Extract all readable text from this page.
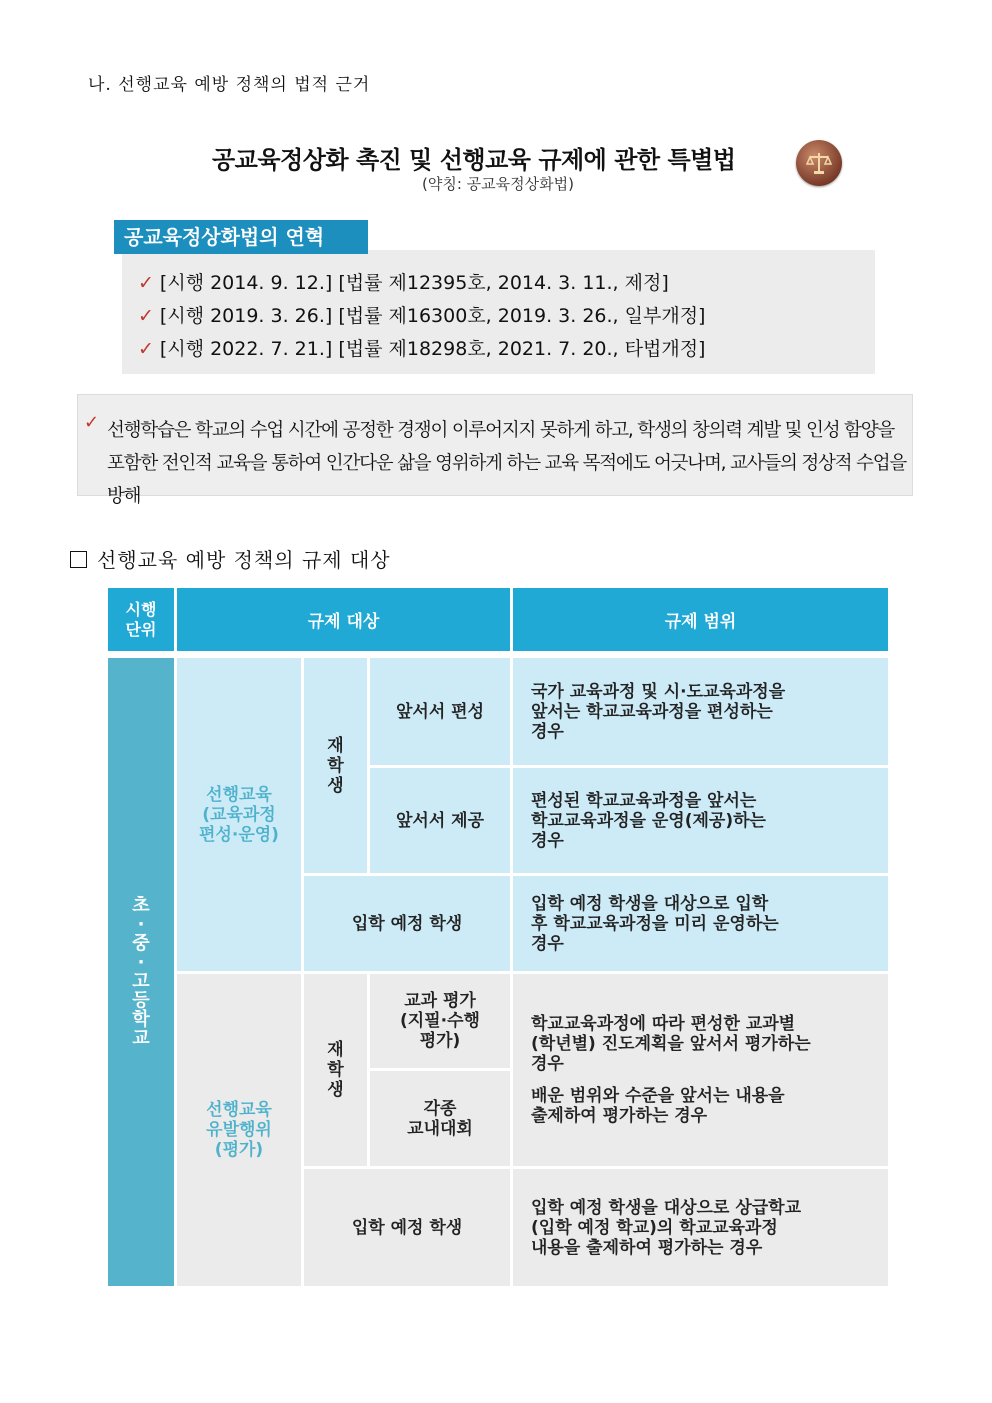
나. 선행교육 예방 정책의 법적 근거
공교육정상화 촉진 및 선행교육 규제에 관한 특별법
(약칭: 공교육정상화법)
공교육정상화법의 연혁
✓ [시행 2014. 9. 12.] [법률 제12395호, 2014. 3. 11., 제정]
✓ [시행 2019. 3. 26.] [법률 제16300호, 2019. 3. 26., 일부개정]
✓ [시행 2022. 7. 21.] [법률 제18298호, 2021. 7. 20., 타법개정]
✓ 선행학습은 학교의 수업 시간에 공정한 경쟁이 이루어지지 못하게 하고, 학생의 창의력 계발 및 인성 함양을 포함한 전인적 교육을 통하여 인간다운 삶을 영위하게 하는 교육 목적에도 어긋나며, 교사들의 정상적 수업을 방해
선행교육 예방 정책의 규제 대상
시행
단위	규제 대상	규제 범위
초
·
중
·
고
등
학
교
선행교육
(교육과정
편성·운영)
재
학
생
앞서서 편성
국가 교육과정 및 시·도교육과정을
앞서는 학교교육과정을 편성하는
경우
앞서서 제공
편성된 학교교육과정을 앞서는
학교교육과정을 운영(제공)하는
경우
입학 예정 학생
입학 예정 학생을 대상으로 입학
후 학교교육과정을 미리 운영하는
경우
선행교육
유발행위
(평가)
재
학
생
교과 평가
(지필·수행
평가)
각종
교내대회
학교교육과정에 따라 편성한 교과별
(학년별) 진도계획을 앞서서 평가하는
경우
배운 범위와 수준을 앞서는 내용을
출제하여 평가하는 경우
입학 예정 학생
입학 예정 학생을 대상으로 상급학교
(입학 예정 학교)의 학교교육과정
내용을 출제하여 평가하는 경우
